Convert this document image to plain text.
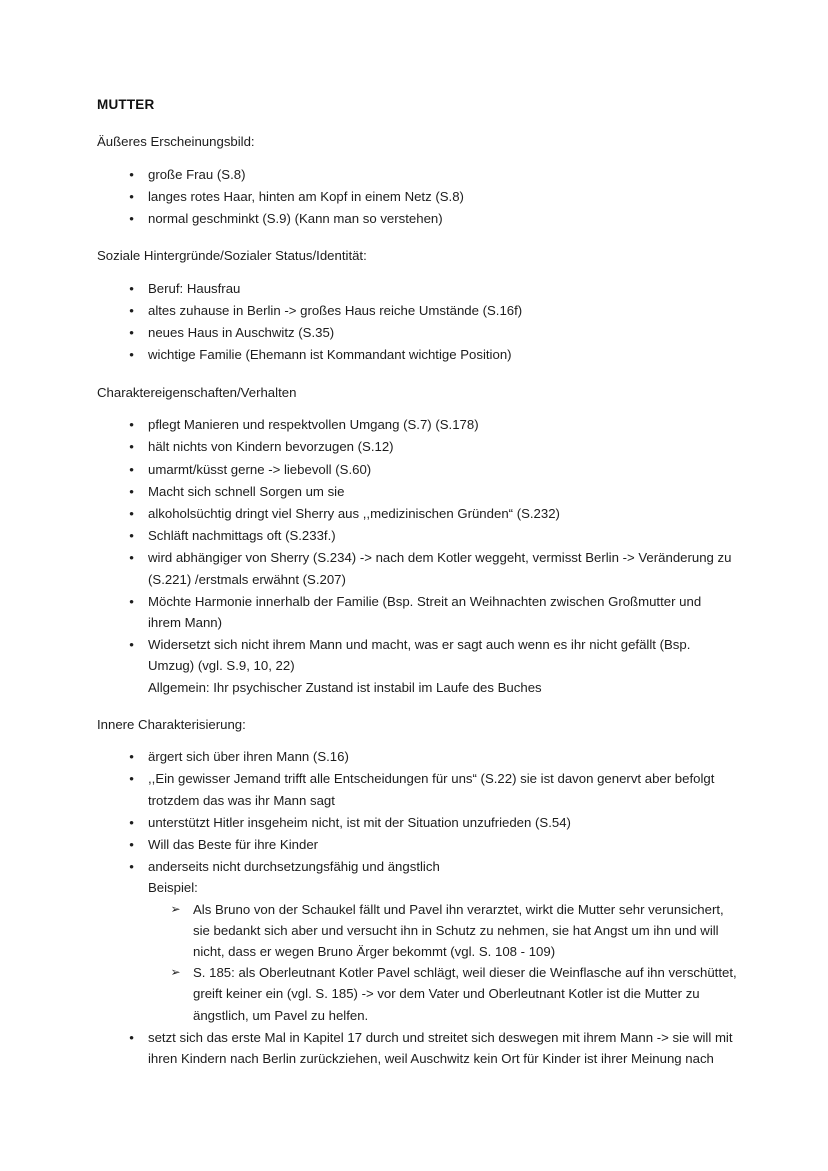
MUTTER
Äußeres Erscheinungsbild:
• große Frau (S.8)
• langes rotes Haar, hinten am Kopf in einem Netz (S.8)
• normal geschminkt (S.9) (Kann man so verstehen)
Soziale Hintergründe/Sozialer Status/Identität:
• Beruf: Hausfrau
• altes zuhause in Berlin -> großes Haus reiche Umstände (S.16f)
• neues Haus in Auschwitz (S.35)
• wichtige Familie (Ehemann ist Kommandant wichtige Position)
Charaktereigenschaften/Verhalten
• pflegt Manieren und respektvollen Umgang (S.7) (S.178)
• hält nichts von Kindern bevorzugen (S.12)
• umarmt/küsst gerne -> liebevoll (S.60)
• Macht sich schnell Sorgen um sie
• alkoholsüchtig dringt viel Sherry aus ,,medizinischen Gründen“ (S.232)
• Schläft nachmittags oft (S.233f.)
• wird abhängiger von Sherry (S.234) -> nach dem Kotler weggeht, vermisst Berlin -> Veränderung zu (S.221) /erstmals erwähnt (S.207)
• Möchte Harmonie innerhalb der Familie (Bsp. Streit an Weihnachten zwischen Großmutter und ihrem Mann)
• Widersetzt sich nicht ihrem Mann und macht, was er sagt auch wenn es ihr nicht gefällt (Bsp. Umzug) (vgl. S.9, 10, 22)
Allgemein: Ihr psychischer Zustand ist instabil im Laufe des Buches
Innere Charakterisierung:
• ärgert sich über ihren Mann (S.16)
• ,,Ein gewisser Jemand trifft alle Entscheidungen für uns“ (S.22) sie ist davon genervt aber befolgt trotzdem das was ihr Mann sagt
• unterstützt Hitler insgeheim nicht, ist mit der Situation unzufrieden (S.54)
• Will das Beste für ihre Kinder
• anderseits nicht durchsetzungsfähig und ängstlich
Beispiel:
➢ Als Bruno von der Schaukel fällt und Pavel ihn verarztet, wirkt die Mutter sehr verunsichert, sie bedankt sich aber und versucht ihn in Schutz zu nehmen, sie hat Angst um ihn und will nicht, dass er wegen Bruno Ärger bekommt (vgl. S. 108 - 109)
➢ S. 185: als Oberleutnant Kotler Pavel schlägt, weil dieser die Weinflasche auf ihn verschüttet, greift keiner ein (vgl. S. 185) -> vor dem Vater und Oberleutnant Kotler ist die Mutter zu ängstlich, um Pavel zu helfen.
• setzt sich das erste Mal in Kapitel 17 durch und streitet sich deswegen mit ihrem Mann -> sie will mit ihren Kindern nach Berlin zurückziehen, weil Auschwitz kein Ort für Kinder ist ihrer Meinung nach
